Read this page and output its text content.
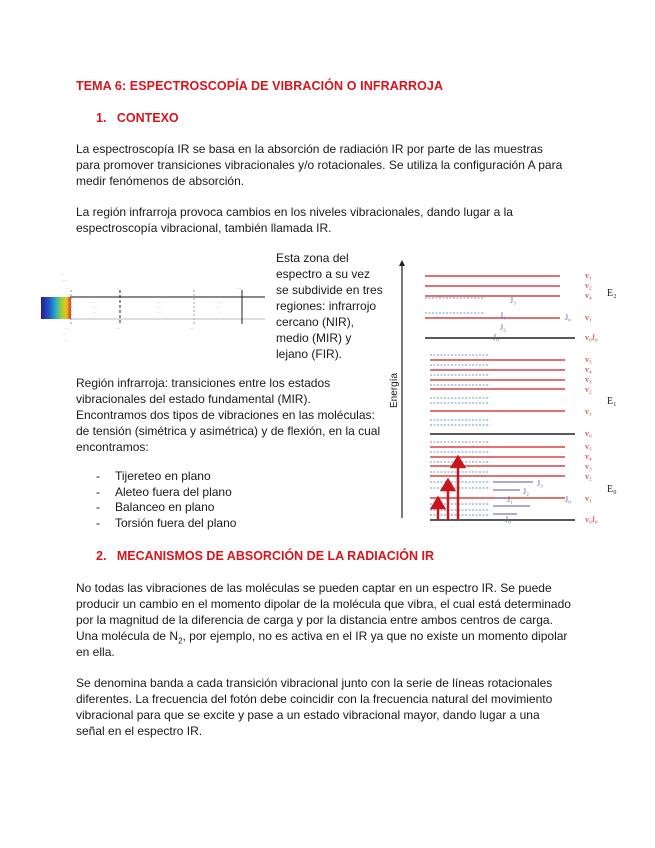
TEMA 6: ESPECTROSCOPÍA DE VIBRACIÓN O INFRARROJA
1.   CONTEXO
La espectroscopía IR se basa en la absorción de radiación IR por parte de las muestras para promover transiciones vibracionales y/o rotacionales. Se utiliza la configuración A para medir fenómenos de absorción.
La región infrarroja provoca cambios en los niveles vibracionales, dando lugar a la espectroscopía vibracional, también llamada IR.
Esta zona del espectro a su vez se subdivide en tres regiones: infrarrojo cercano (NIR), medio (MIR) y lejano (FIR).
Región infrarroja: transiciones entre los estados vibracionales del estado fundamental (MIR). Encontramos dos tipos de vibraciones en las moléculas: de tensión (simétrica y asimétrica) y de flexión, en la cual encontramos:
- Tijereteo en plano
- Aleteo fuera del plano
- Balanceo en plano
- Torsión fuera del plano
2.   MECANISMOS DE ABSORCIÓN DE LA RADIACIÓN IR
No todas las vibraciones de las moléculas se pueden captar en un espectro IR. Se puede producir un cambio en el momento dipolar de la molécula que vibra, el cual está determinado por la magnitud de la diferencia de carga y por la distancia entre ambos centros de carga. Una molécula de $N_2$, por ejemplo, no es activa en el IR ya que no existe un momento dipolar en ella.
Se denomina banda a cada transición vibracional junto con la serie de líneas rotacionales diferentes. La frecuencia del fotón debe coincidir con la frecuencia natural del movimiento vibracional para que se excite y pase a un estado vibracional mayor, dando lugar a una señal en el espectro IR.
······
····
···
······
···
···
······
····
···
···
····
···	··	··	····
····	····	···	·
···
··
v₁
v₂
v₄
v₁
v₀J₀
v₅
v₄
v₃
v₂
v₁
v₀
v₅
v₄
v₃
v₂
v₁
v₀J₀
J₃
J₁	J₀
J₂
J₀
J₃
J₂
J₁	J₀
J₀
Energía
E₂
E₁
E₀
